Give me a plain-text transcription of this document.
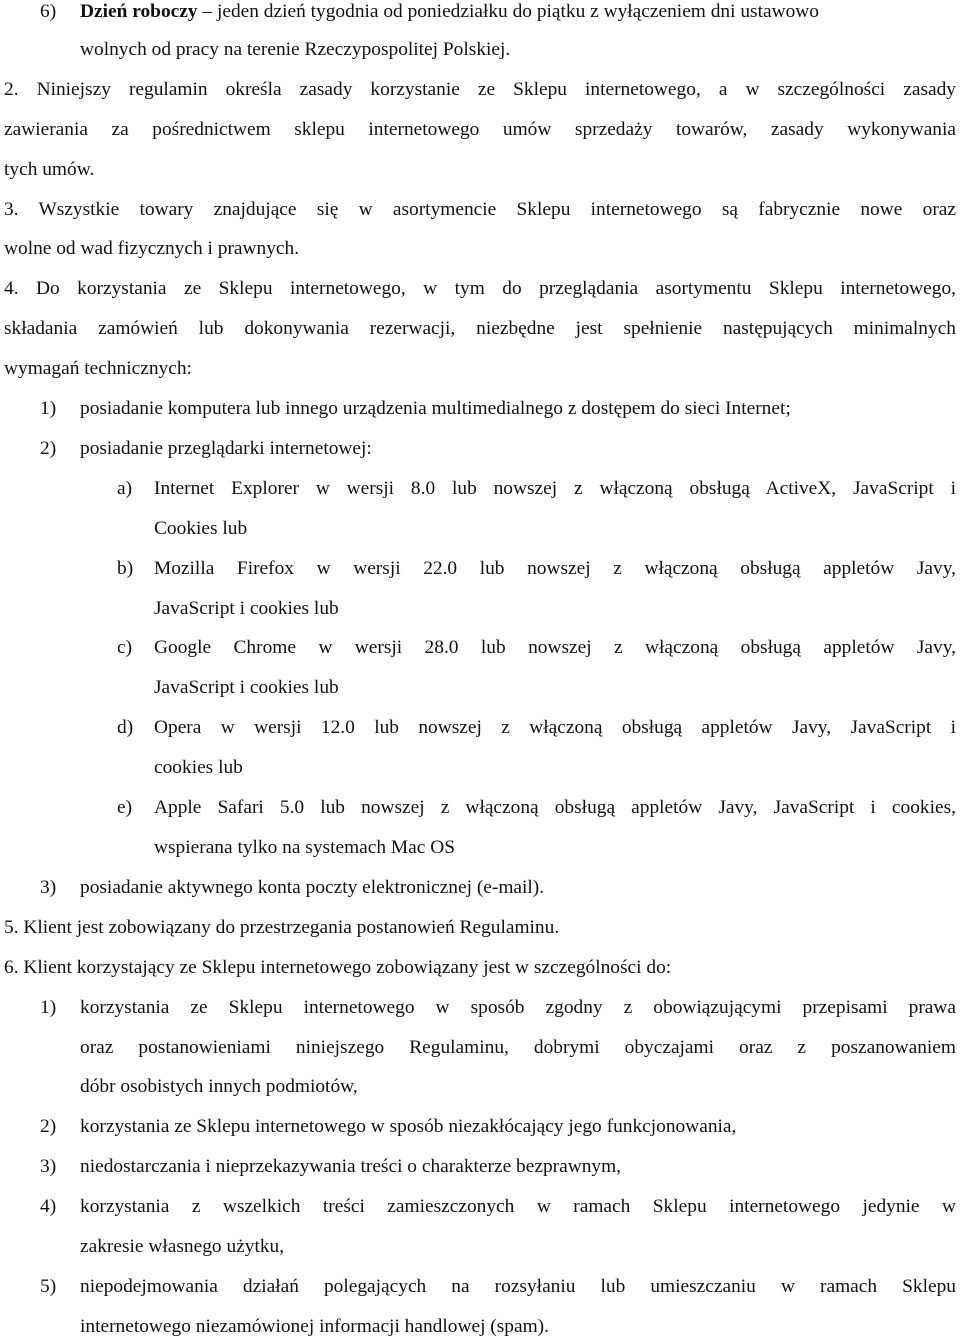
6) Dzień roboczy – jeden dzień tygodnia od poniedziałku do piątku z wyłączeniem dni ustawowo
wolnych od pracy na terenie Rzeczypospolitej Polskiej.
2. Niniejszy regulamin określa zasady korzystanie ze Sklepu internetowego, a w szczególności zasady
zawierania za pośrednictwem sklepu internetowego umów sprzedaży towarów, zasady wykonywania
tych umów.
3. Wszystkie towary znajdujące się w asortymencie Sklepu internetowego są fabrycznie nowe oraz
wolne od wad fizycznych i prawnych.
4. Do korzystania ze Sklepu internetowego, w tym do przeglądania asortymentu Sklepu internetowego,
składania zamówień lub dokonywania rezerwacji, niezbędne jest spełnienie następujących minimalnych
wymagań technicznych:
1) posiadanie komputera lub innego urządzenia multimedialnego z dostępem do sieci Internet;
2) posiadanie przeglądarki internetowej:
a) Internet Explorer w wersji 8.0 lub nowszej z włączoną obsługą ActiveX, JavaScript i
Cookies lub
b) Mozilla Firefox w wersji 22.0 lub nowszej z włączoną obsługą appletów Javy,
JavaScript i cookies lub
c) Google Chrome w wersji 28.0 lub nowszej z włączoną obsługą appletów Javy,
JavaScript i cookies lub
d) Opera w wersji 12.0 lub nowszej z włączoną obsługą appletów Javy, JavaScript i
cookies lub
e) Apple Safari 5.0 lub nowszej z włączoną obsługą appletów Javy, JavaScript i cookies,
wspierana tylko na systemach Mac OS
3) posiadanie aktywnego konta poczty elektronicznej (e-mail).
5. Klient jest zobowiązany do przestrzegania postanowień Regulaminu.
6. Klient korzystający ze Sklepu internetowego zobowiązany jest w szczególności do:
1) korzystania ze Sklepu internetowego w sposób zgodny z obowiązującymi przepisami prawa
oraz postanowieniami niniejszego Regulaminu, dobrymi obyczajami oraz z poszanowaniem
dóbr osobistych innych podmiotów,
2) korzystania ze Sklepu internetowego w sposób niezakłócający jego funkcjonowania,
3) niedostarczania i nieprzekazywania treści o charakterze bezprawnym,
4) korzystania z wszelkich treści zamieszczonych w ramach Sklepu internetowego jedynie w
zakresie własnego użytku,
5) niepodejmowania działań polegających na rozsyłaniu lub umieszczaniu w ramach Sklepu
internetowego niezamówionej informacji handlowej (spam).
